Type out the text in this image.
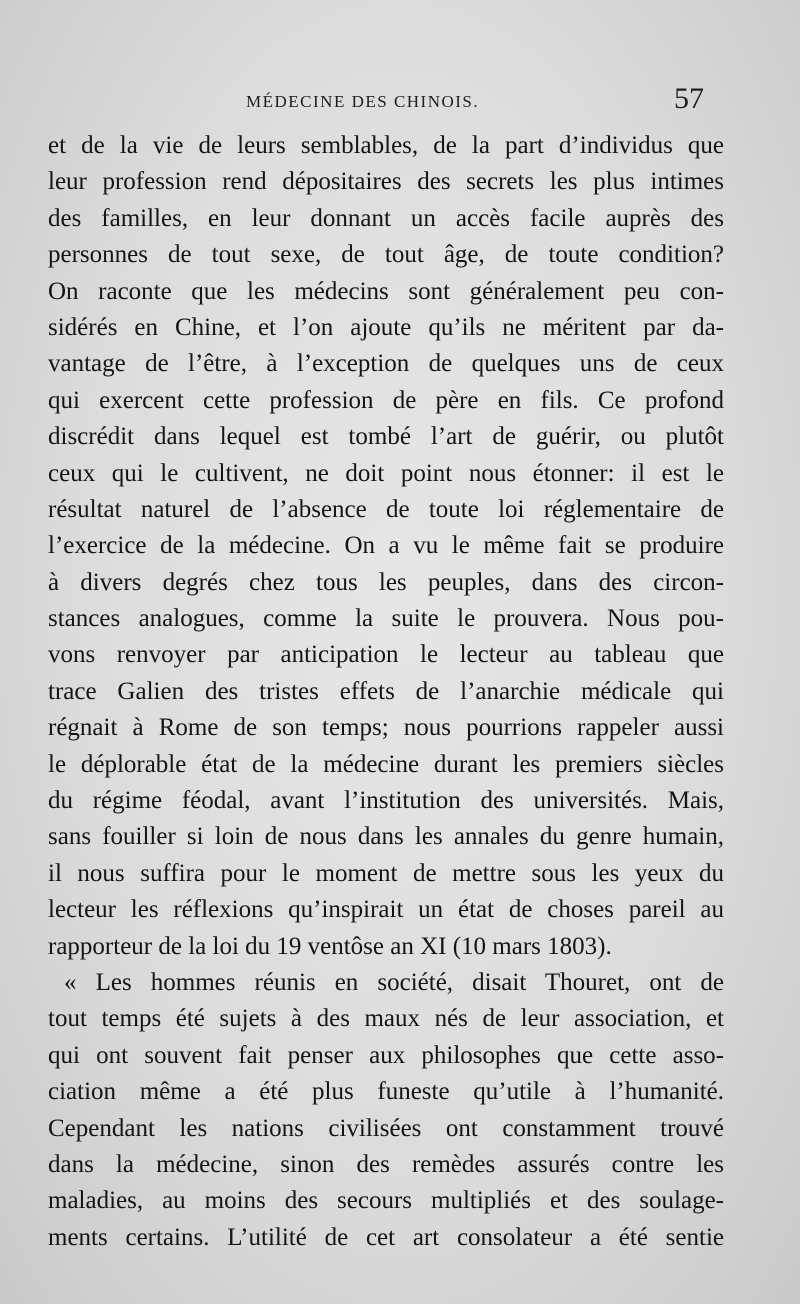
MÉDECINE DES CHINOIS.	57
et de la vie de leurs semblables, de la part d’individus que
leur profession rend dépositaires des secrets les plus intimes
des familles, en leur donnant un accès facile auprès des
personnes de tout sexe, de tout âge, de toute condition?
On raconte que les médecins sont généralement peu con-
sidérés en Chine, et l’on ajoute qu’ils ne méritent par da-
vantage de l’être, à l’exception de quelques uns de ceux
qui exercent cette profession de père en fils. Ce profond
discrédit dans lequel est tombé l’art de guérir, ou plutôt
ceux qui le cultivent, ne doit point nous étonner: il est le
résultat naturel de l’absence de toute loi réglementaire de
l’exercice de la médecine. On a vu le même fait se produire
à divers degrés chez tous les peuples, dans des circon-
stances analogues, comme la suite le prouvera. Nous pou-
vons renvoyer par anticipation le lecteur au tableau que
trace Galien des tristes effets de l’anarchie médicale qui
régnait à Rome de son temps; nous pourrions rappeler aussi
le déplorable état de la médecine durant les premiers siècles
du régime féodal, avant l’institution des universités. Mais,
sans fouiller si loin de nous dans les annales du genre humain,
il nous suffira pour le moment de mettre sous les yeux du
lecteur les réflexions qu’inspirait un état de choses pareil au
rapporteur de la loi du 19 ventôse an XI (10 mars 1803).
« Les hommes réunis en société, disait Thouret, ont de
tout temps été sujets à des maux nés de leur association, et
qui ont souvent fait penser aux philosophes que cette asso-
ciation même a été plus funeste qu’utile à l’humanité.
Cependant les nations civilisées ont constamment trouvé
dans la médecine, sinon des remèdes assurés contre les
maladies, au moins des secours multipliés et des soulage-
ments certains. L’utilité de cet art consolateur a été sentie
